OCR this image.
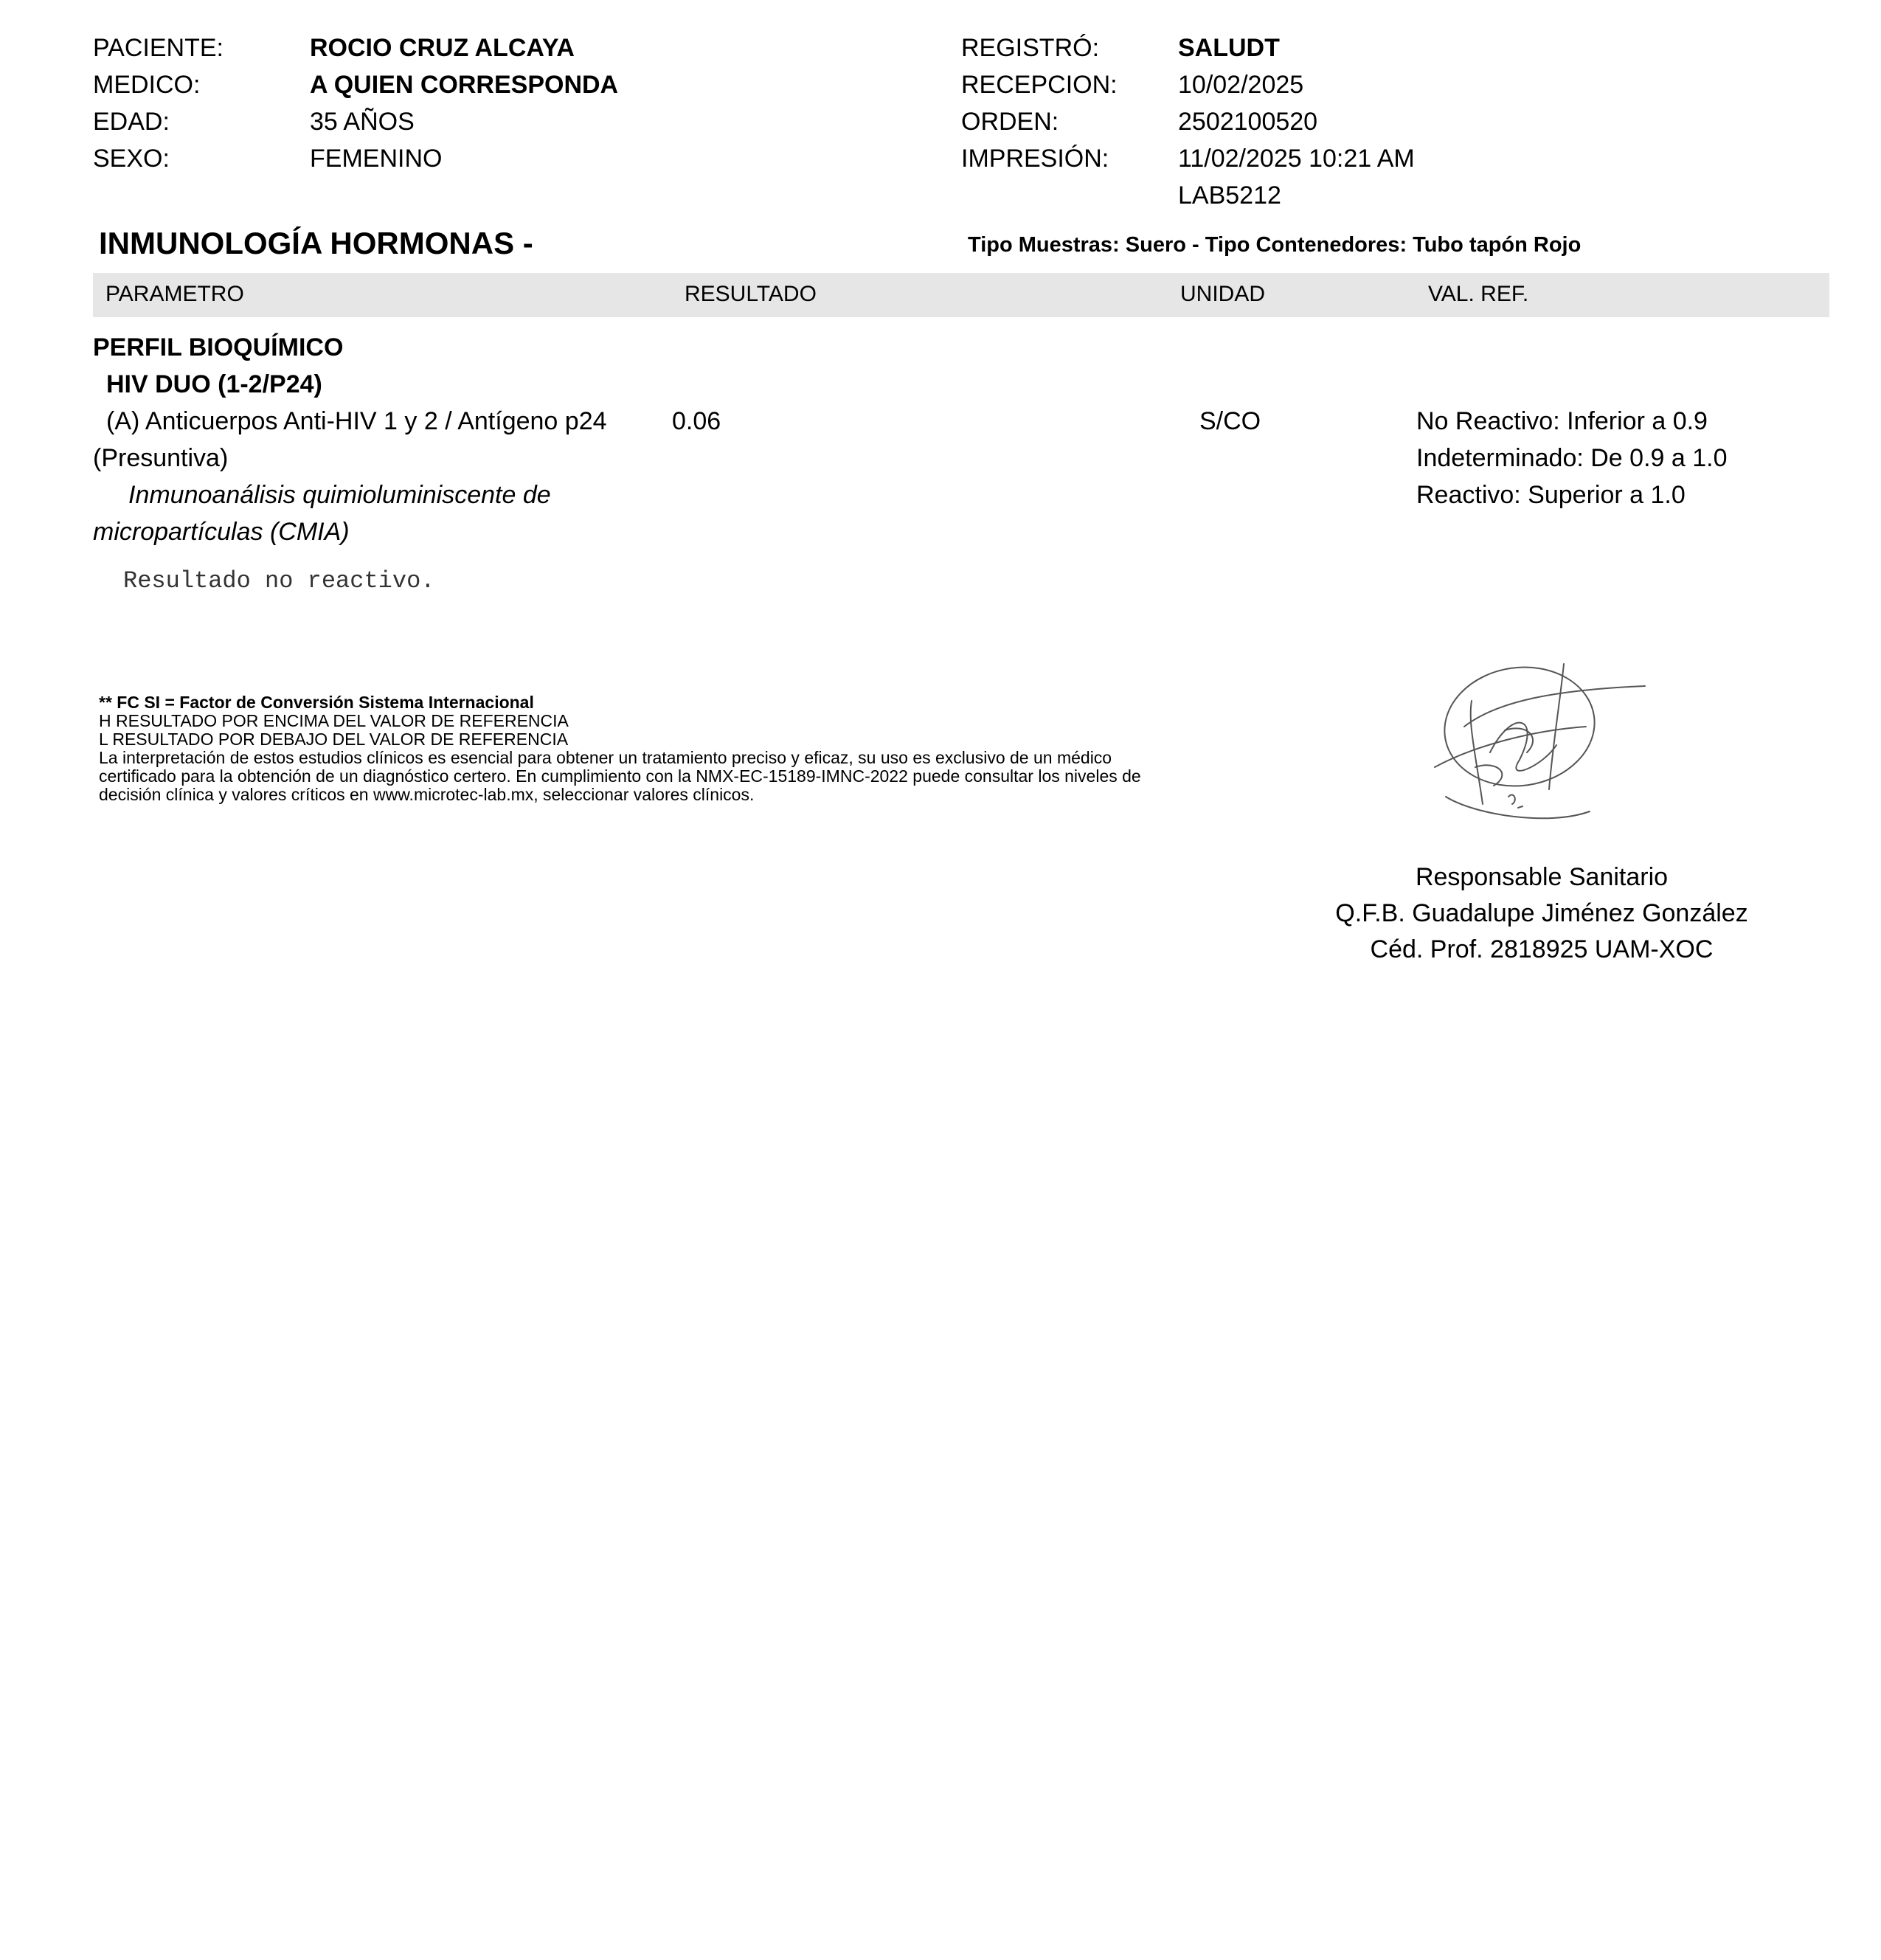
PACIENTE:	ROCIO CRUZ ALCAYA
MEDICO:	A QUIEN CORRESPONDA
EDAD:	35 AÑOS
SEXO:	FEMENINO
REGISTRÓ:	SALUDT
RECEPCION: 10/02/2025
ORDEN:	2502100520
IMPRESIÓN:	11/02/2025 10:21 AM
LAB5212
INMUNOLOGÍA HORMONAS -	Tipo Muestras: Suero - Tipo Contenedores: Tubo tapón Rojo
PARAMETRO	RESULTADO	UNIDAD	VAL. REF.
PERFIL BIOQUÍMICO
HIV DUO (1-2/P24)
(A) Anticuerpos Anti-HIV 1 y 2 / Antígeno p24
(Presuntiva)
Inmunoanálisis quimioluminiscente de
micropartículas (CMIA)
0.06	S/CO	No Reactivo: Inferior a 0.9
Indeterminado: De 0.9 a 1.0
Reactivo: Superior a 1.0
Resultado no reactivo.
** FC SI = Factor de Conversión Sistema Internacional
H RESULTADO POR ENCIMA DEL VALOR DE REFERENCIA
L RESULTADO POR DEBAJO DEL VALOR DE REFERENCIA
La interpretación de estos estudios clínicos es esencial para obtener un tratamiento preciso y eficaz, su uso es exclusivo de un médico
certificado para la obtención de un diagnóstico certero. En cumplimiento con la NMX-EC-15189-IMNC-2022 puede consultar los niveles de
decisión clínica y valores críticos en www.microtec-lab.mx, seleccionar valores clínicos.
Responsable Sanitario
Q.F.B. Guadalupe Jiménez González
Céd. Prof. 2818925 UAM-XOC
